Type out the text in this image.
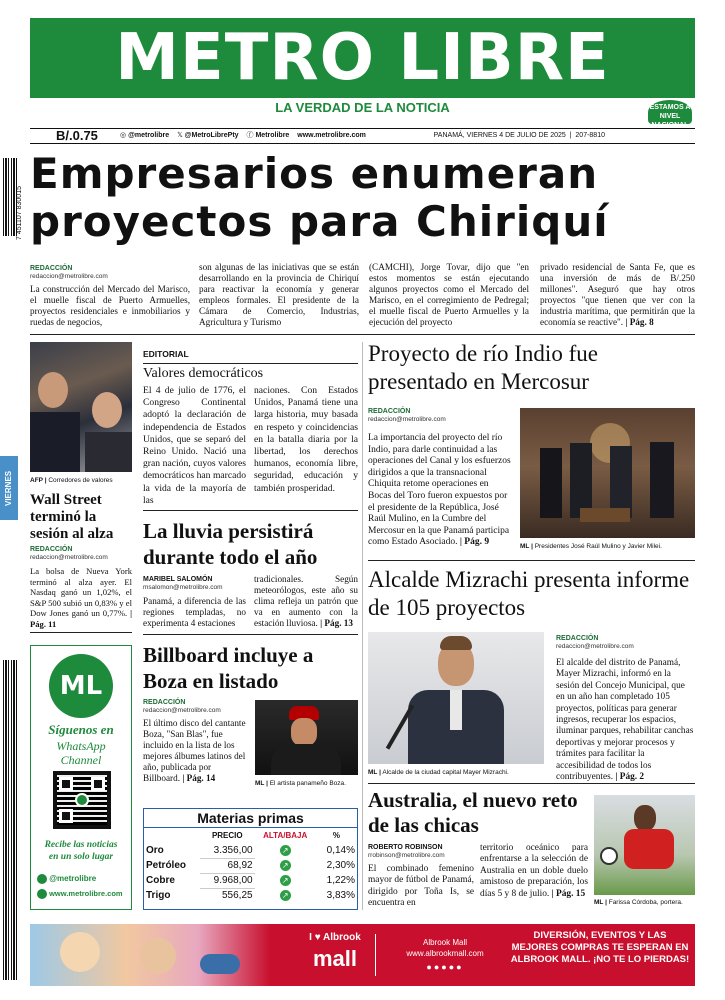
METRO LIBRE
LA VERDAD DE LA NOTICIA	ESTAMOS A NIVEL NACIONAL
B/.0.75	◎ @metrolibre 𝕏 @MetroLibrePty ⓕ Metrolibre www.metrolibre.com	PANAMÁ, VIERNES 4 DE JULIO DE 2025  |  207-8810
7 451107 830015
Empresarios enumeran proyectos para Chiriquí
REDACCIÓN
redaccion@metrolibre.com
La construcción del Mercado del Marisco, el muelle fiscal de Puerto Armuelles, proyectos residenciales e inmobiliarios y ruedas de negocios,
son algunas de las iniciativas que se están desarrollando en la provincia de Chiriquí para reactivar la economía y generar empleos formales. El presidente de la Cámara de Comercio, Industrias, Agricultura y Turismo
(CAMCHI), Jorge Tovar, dijo que "en estos momentos se están ejecutando algunos proyectos como el Mercado del Marisco, en el corregimiento de Pedregal; el muelle fiscal de Puerto Armuelles y la ejecución del proyecto
privado residencial de Santa Fe, que es una inversión de más de B/.250 millones". Aseguró que hay otros proyectos "que tienen que ver con la industria marítima, que permitirán que la economía se reactive". | Pág. 8
AFP | Corredores de valores
VIERNES	Wall Street terminó la sesión al alza
REDACCIÓN
redaccion@metrolibre.com
La bolsa de Nueva York terminó al alza ayer. El Nasdaq ganó un 1,02%, el S&P 500 subió un 0,83% y el Dow Jones ganó un 0,77%. | Pág. 11
ML
Síguenos en
WhatsApp
Channel
Recibe las noticias
en un solo lugar
@metrolibre
www.metrolibre.com
EDITORIAL
Valores democráticos
El 4 de julio de 1776, el Congreso Continental adoptó la declaración de independencia de Estados Unidos, que se separó del Reino Unido. Nació una gran nación, cuyos valores democráticos han marcado la vida de la mayoría de las
naciones. Con Estados Unidos, Panamá tiene una larga historia, muy basada en respeto y coincidencias en la batalla diaria por la libertad, los derechos humanos, economía libre, seguridad, educación y también prosperidad.
La lluvia persistirá durante todo el año
MARIBEL SALOMÓN
msalomon@metrolibre.com
Panamá, a diferencia de las regiones templadas, no experimenta 4 estaciones
tradicionales. Según meteorólogos, este año su clima refleja un patrón que va en aumento con la estación lluviosa. | Pág. 13
Billboard incluye a Boza en listado
REDACCIÓN
redaccion@metrolibre.com
El último disco del cantante Boza, "San Blas", fue incluido en la lista de los mejores álbumes latinos del año, publicada por Billboard. | Pág. 14
ML | El artista panameño Boza.
Materias primas
	PRECIO	ALTA/BAJA	%
Oro	3.356,00	↗	0,14%
Petróleo	68,92	↗	2,30%
Cobre	9.968,00	↗	1,22%
Trigo	556,25	↗	3,83%
Proyecto de río Indio fue presentado en Mercosur
REDACCIÓN
redaccion@metrolibre.com
La importancia del proyecto del río Indio, para darle continuidad a las operaciones del Canal y los esfuerzos dirigidos a que la transnacional Chiquita retome operaciones en Bocas del Toro fueron expuestos por el presidente de la República, José Raúl Mulino, en la Cumbre del Mercosur en la que Panamá participa como Estado Asociado. | Pág. 9	ML | Presidentes José Raúl Mulino y Javier Milei.
Alcalde Mizrachi presenta informe de 105 proyectos
ML | Alcalde de la ciudad capital Mayer Mizrachi.
REDACCIÓN
redaccion@metrolibre.com
El alcalde del distrito de Panamá, Mayer Mizrachi, informó en la sesión del Concejo Municipal, que en un año han completado 105 proyectos, políticas para generar ingresos, recuperar los espacios, iluminar parques, rehabilitar canchas deportivas y mejorar procesos y trámites para facilitar la accesibilidad de todos los contribuyentes. | Pág. 2
Australia, el nuevo reto de las chicas
ROBERTO ROBINSON
rrobinson@metrolibre.com
El combinado femenino mayor de fútbol de Panamá, dirigido por Toña Is, se encuentra en
territorio oceánico para enfrentarse a la selección de Australia en un doble duelo amistoso de preparación, los días 5 y 8 de julio. | Pág. 15
ML | Farissa Córdoba, portera.
I ♥ Albrook
mall
Albrook Mall
www.albrookmall.com
●●●●●
DIVERSIÓN, EVENTOS Y LAS MEJORES COMPRAS TE ESPERAN EN ALBROOK MALL. ¡NO TE LO PIERDAS!
